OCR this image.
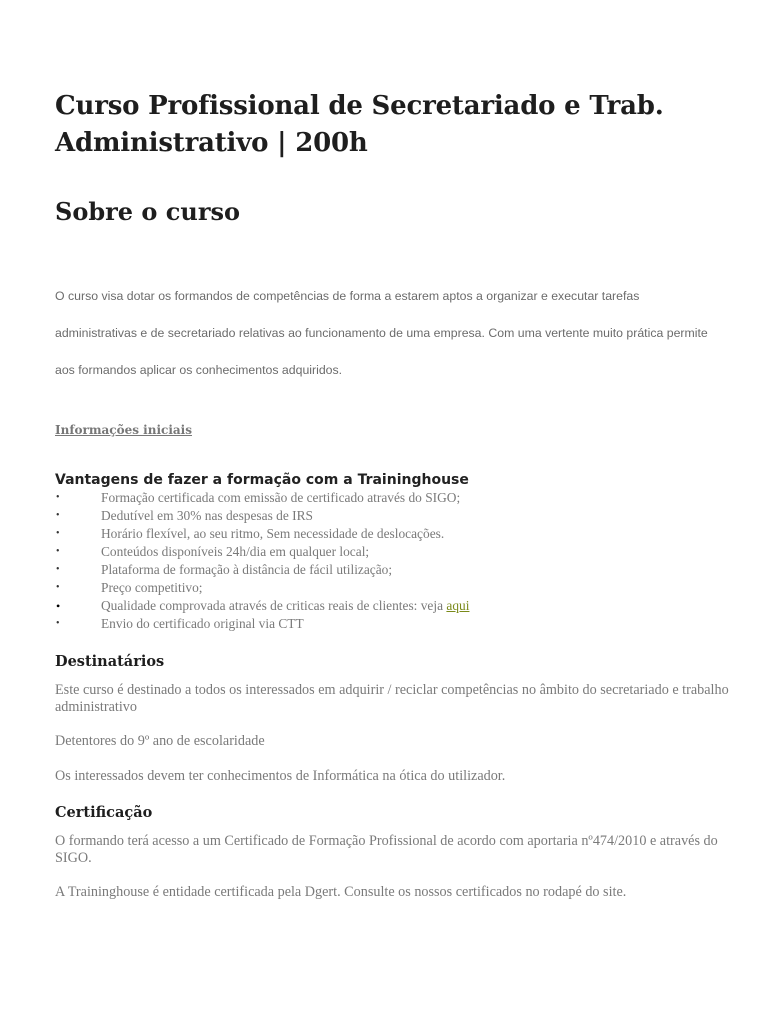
Curso Profissional de Secretariado e Trab. Administrativo | 200h
Sobre o curso

O curso visa dotar os formandos de competências de forma a estarem aptos a organizar e executar tarefas
administrativas e de secretariado relativas ao funcionamento de uma empresa. Com uma vertente muito prática permite
aos formandos aplicar os conhecimentos adquiridos.

Informações iniciais

Vantagens de fazer a formação com a Traininghouse
•	Formação certificada com emissão de certificado através do SIGO;
•	Dedutível em 30% nas despesas de IRS
•	Horário flexível, ao seu ritmo, Sem necessidade de deslocações.
•	Conteúdos disponíveis 24h/dia em qualquer local;
•	Plataforma de formação à distância de fácil utilização;
•	Preço competitivo;
•	Qualidade comprovada através de criticas reais de clientes: veja aqui
•	Envio do certificado original via CTT
Destinatários

Este curso é destinado a todos os interessados em adquirir / reciclar competências no âmbito do secretariado e trabalho administrativo

Detentores do 9º ano de escolaridade

Os interessados devem ter conhecimentos de Informática na ótica do utilizador.

Certificação

O formando terá acesso a um Certificado de Formação Profissional de acordo com aportaria nº474/2010 e através do SIGO.

A Traininghouse é entidade certificada pela Dgert. Consulte os nossos certificados no rodapé do site.
